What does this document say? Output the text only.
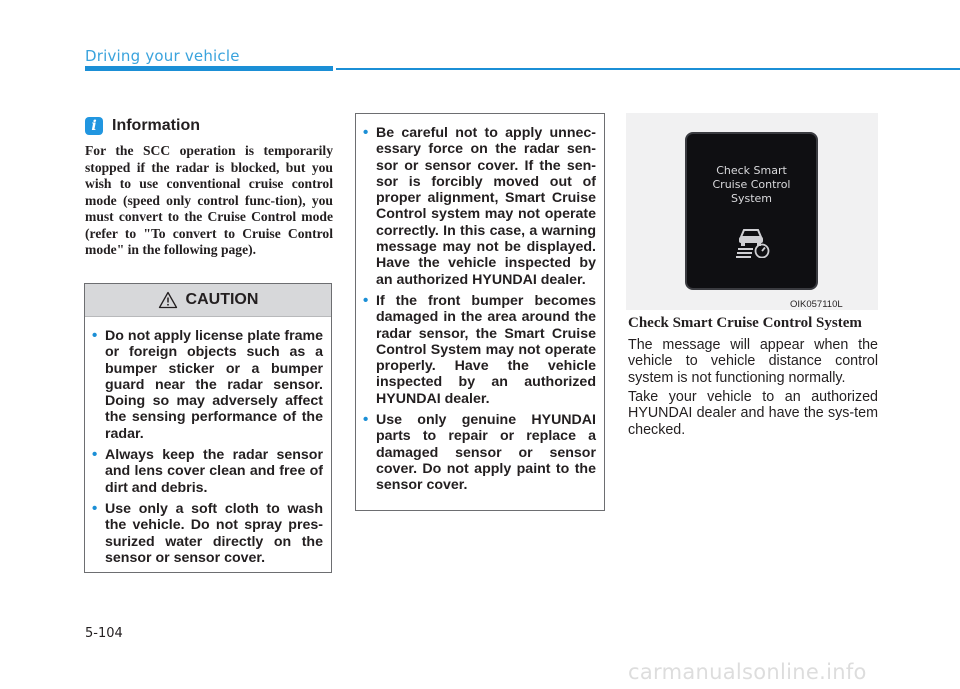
Driving your vehicle
i Information
For the SCC operation is temporarily stopped if the radar is blocked, but you wish to use conventional cruise control mode (speed only control func-tion), you must convert to the Cruise Control mode (refer to "To convert to Cruise Control mode" in the following page).
CAUTION
• Do not apply license plate frame or foreign objects such as a bumper sticker or a bumper guard near the radar sensor. Doing so may adversely affect the sensing performance of the radar.
• Always keep the radar sensor and lens cover clean and free of dirt and debris.
• Use only a soft cloth to wash the vehicle. Do not spray pres-surized water directly on the sensor or sensor cover.
• Be careful not to apply unnec-essary force on the radar sen-sor or sensor cover. If the sen-sor is forcibly moved out of proper alignment, Smart Cruise Control system may not operate correctly. In this case, a warning message may not be displayed. Have the vehicle inspected by an authorized HYUNDAI dealer.
• If the front bumper becomes damaged in the area around the radar sensor, the Smart Cruise Control System may not operate properly. Have the vehicle inspected by an authorized HYUNDAI dealer.
• Use only genuine HYUNDAI parts to repair or replace a damaged sensor or sensor cover. Do not apply paint to the sensor cover.
Check Smart
Cruise Control
System
OIK057110L
Check Smart Cruise Control System

The message will appear when the vehicle to vehicle distance control system is not functioning normally.

Take your vehicle to an authorized HYUNDAI dealer and have the sys-tem checked.

5-104
carmanualsonline.info
